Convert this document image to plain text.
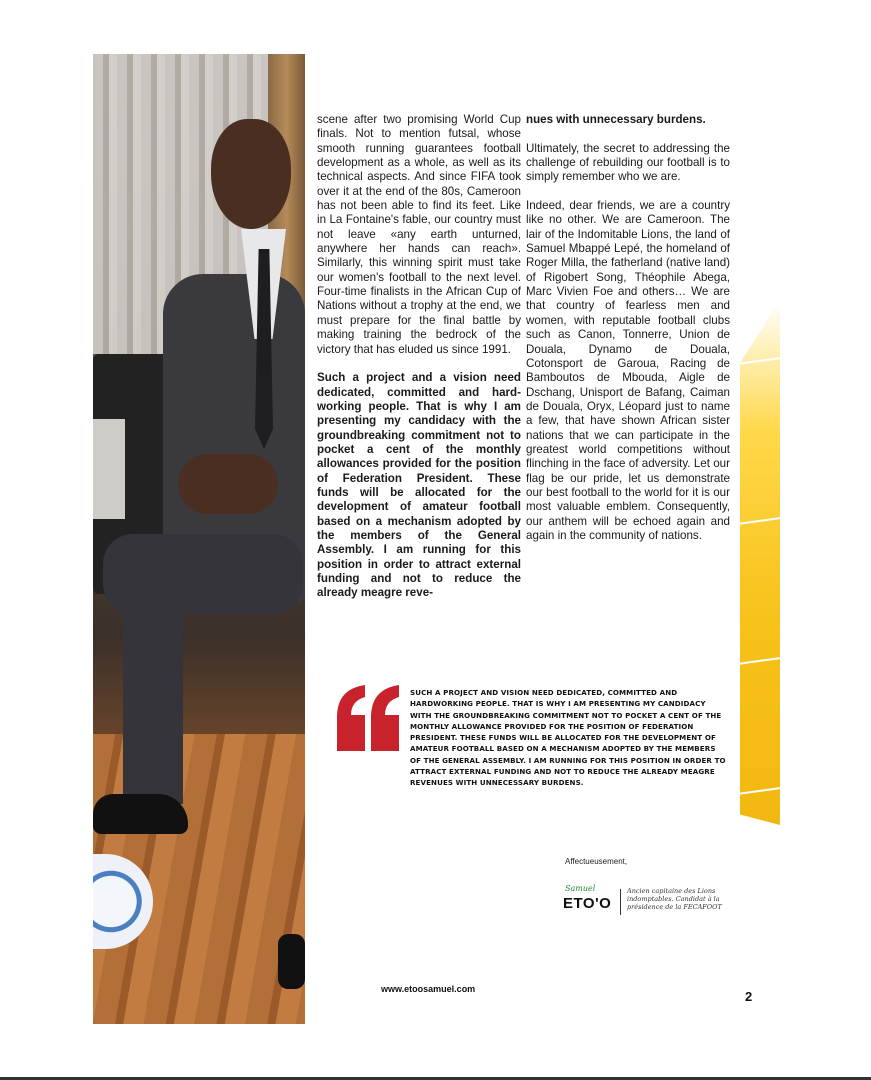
scene after two promising World Cup finals. Not to mention futsal, whose smooth running guarantees football development as a whole, as well as its technical aspects. And since FIFA took over it at the end of the 80s, Cameroon has not been able to find its feet. Like in La Fontaine's fable, our country must not leave «any earth unturned, anywhere her hands can reach». Similarly, this winning spirit must take our women's football to the next level. Four-time finalists in the African Cup of Nations without a trophy at the end, we must prepare for the final battle by making training the bedrock of the victory that has eluded us since 1991.

Such a project and a vision need dedicated, committed and hard-working people. That is why I am presenting my candidacy with the groundbreaking commitment not to pocket a cent of the monthly allowances provided for the position of Federation President. These funds will be allocated for the development of amateur football based on a mechanism adopted by the members of the General Assembly. I am running for this position in order to attract external funding and not to reduce the already meagre reve-

nues with unnecessary burdens.

Ultimately, the secret to addressing the challenge of rebuilding our football is to simply remember who we are.

Indeed, dear friends, we are a country like no other. We are Cameroon. The lair of the Indomitable Lions, the land of Samuel Mbappé Lepé, the homeland of Roger Milla, the fatherland (native land) of Rigobert Song, Théophile Abega, Marc Vivien Foe and others… We are that country of fearless men and women, with reputable football clubs such as Canon, Tonnerre, Union de Douala, Dynamo de Douala, Cotonsport de Garoua, Racing de Bamboutos de Mbouda, Aigle de Dschang, Unisport de Bafang, Caiman de Douala, Oryx, Léopard just to name a few, that have shown African sister nations that we can participate in the greatest world competitions without flinching in the face of adversity. Let our flag be our pride, let us demonstrate our best football to the world for it is our most valuable emblem. Consequently, our anthem will be echoed again and again in the community of nations.

SUCH A PROJECT AND VISION NEED DEDICATED, COMMITTED AND HARDWORKING PEOPLE. THAT IS WHY I AM PRESENTING MY CANDIDACY WITH THE GROUNDBREAKING COMMITMENT NOT TO POCKET A CENT OF THE MONTHLY ALLOWANCE PROVIDED FOR THE POSITION OF FEDERATION PRESIDENT. THESE FUNDS WILL BE ALLOCATED FOR THE DEVELOPMENT OF AMATEUR FOOTBALL BASED ON A MECHANISM ADOPTED BY THE MEMBERS OF THE GENERAL ASSEMBLY. I AM RUNNING FOR THIS POSITION IN ORDER TO ATTRACT EXTERNAL FUNDING AND NOT TO REDUCE THE ALREADY MEAGRE REVENUES WITH UNNECESSARY BURDENS.
Affectueusement,
Samuel
ETO'O
Ancien capitaine des Lions indomptables. Candidat à la présidence de la FECAFOOT
www.etoosamuel.com	2
